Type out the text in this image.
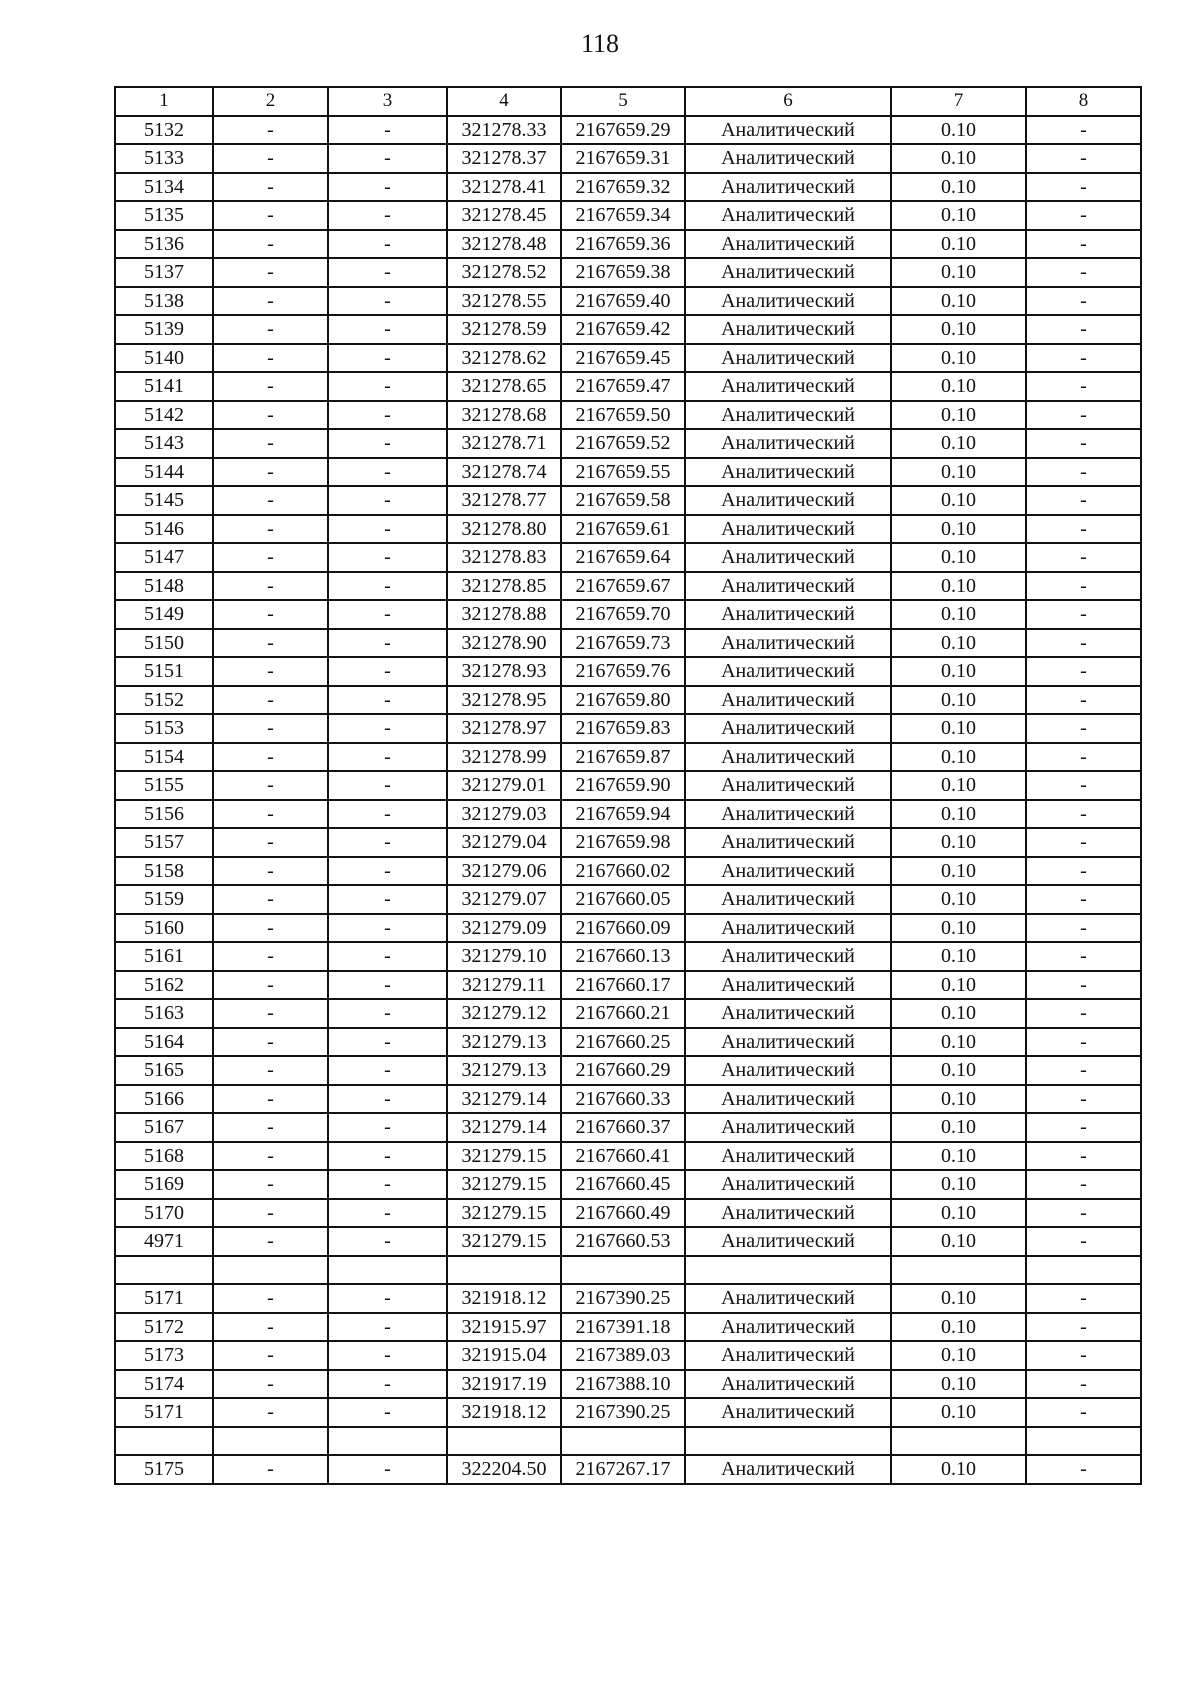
118
1	2	3	4	5	6	7	8
5132	-	-	321278.33	2167659.29	Аналитический	0.10	-
5133	-	-	321278.37	2167659.31	Аналитический	0.10	-
5134	-	-	321278.41	2167659.32	Аналитический	0.10	-
5135	-	-	321278.45	2167659.34	Аналитический	0.10	-
5136	-	-	321278.48	2167659.36	Аналитический	0.10	-
5137	-	-	321278.52	2167659.38	Аналитический	0.10	-
5138	-	-	321278.55	2167659.40	Аналитический	0.10	-
5139	-	-	321278.59	2167659.42	Аналитический	0.10	-
5140	-	-	321278.62	2167659.45	Аналитический	0.10	-
5141	-	-	321278.65	2167659.47	Аналитический	0.10	-
5142	-	-	321278.68	2167659.50	Аналитический	0.10	-
5143	-	-	321278.71	2167659.52	Аналитический	0.10	-
5144	-	-	321278.74	2167659.55	Аналитический	0.10	-
5145	-	-	321278.77	2167659.58	Аналитический	0.10	-
5146	-	-	321278.80	2167659.61	Аналитический	0.10	-
5147	-	-	321278.83	2167659.64	Аналитический	0.10	-
5148	-	-	321278.85	2167659.67	Аналитический	0.10	-
5149	-	-	321278.88	2167659.70	Аналитический	0.10	-
5150	-	-	321278.90	2167659.73	Аналитический	0.10	-
5151	-	-	321278.93	2167659.76	Аналитический	0.10	-
5152	-	-	321278.95	2167659.80	Аналитический	0.10	-
5153	-	-	321278.97	2167659.83	Аналитический	0.10	-
5154	-	-	321278.99	2167659.87	Аналитический	0.10	-
5155	-	-	321279.01	2167659.90	Аналитический	0.10	-
5156	-	-	321279.03	2167659.94	Аналитический	0.10	-
5157	-	-	321279.04	2167659.98	Аналитический	0.10	-
5158	-	-	321279.06	2167660.02	Аналитический	0.10	-
5159	-	-	321279.07	2167660.05	Аналитический	0.10	-
5160	-	-	321279.09	2167660.09	Аналитический	0.10	-
5161	-	-	321279.10	2167660.13	Аналитический	0.10	-
5162	-	-	321279.11	2167660.17	Аналитический	0.10	-
5163	-	-	321279.12	2167660.21	Аналитический	0.10	-
5164	-	-	321279.13	2167660.25	Аналитический	0.10	-
5165	-	-	321279.13	2167660.29	Аналитический	0.10	-
5166	-	-	321279.14	2167660.33	Аналитический	0.10	-
5167	-	-	321279.14	2167660.37	Аналитический	0.10	-
5168	-	-	321279.15	2167660.41	Аналитический	0.10	-
5169	-	-	321279.15	2167660.45	Аналитический	0.10	-
5170	-	-	321279.15	2167660.49	Аналитический	0.10	-
4971	-	-	321279.15	2167660.53	Аналитический	0.10	-

5171	-	-	321918.12	2167390.25	Аналитический	0.10	-
5172	-	-	321915.97	2167391.18	Аналитический	0.10	-
5173	-	-	321915.04	2167389.03	Аналитический	0.10	-
5174	-	-	321917.19	2167388.10	Аналитический	0.10	-
5171	-	-	321918.12	2167390.25	Аналитический	0.10	-

5175	-	-	322204.50	2167267.17	Аналитический	0.10	-
